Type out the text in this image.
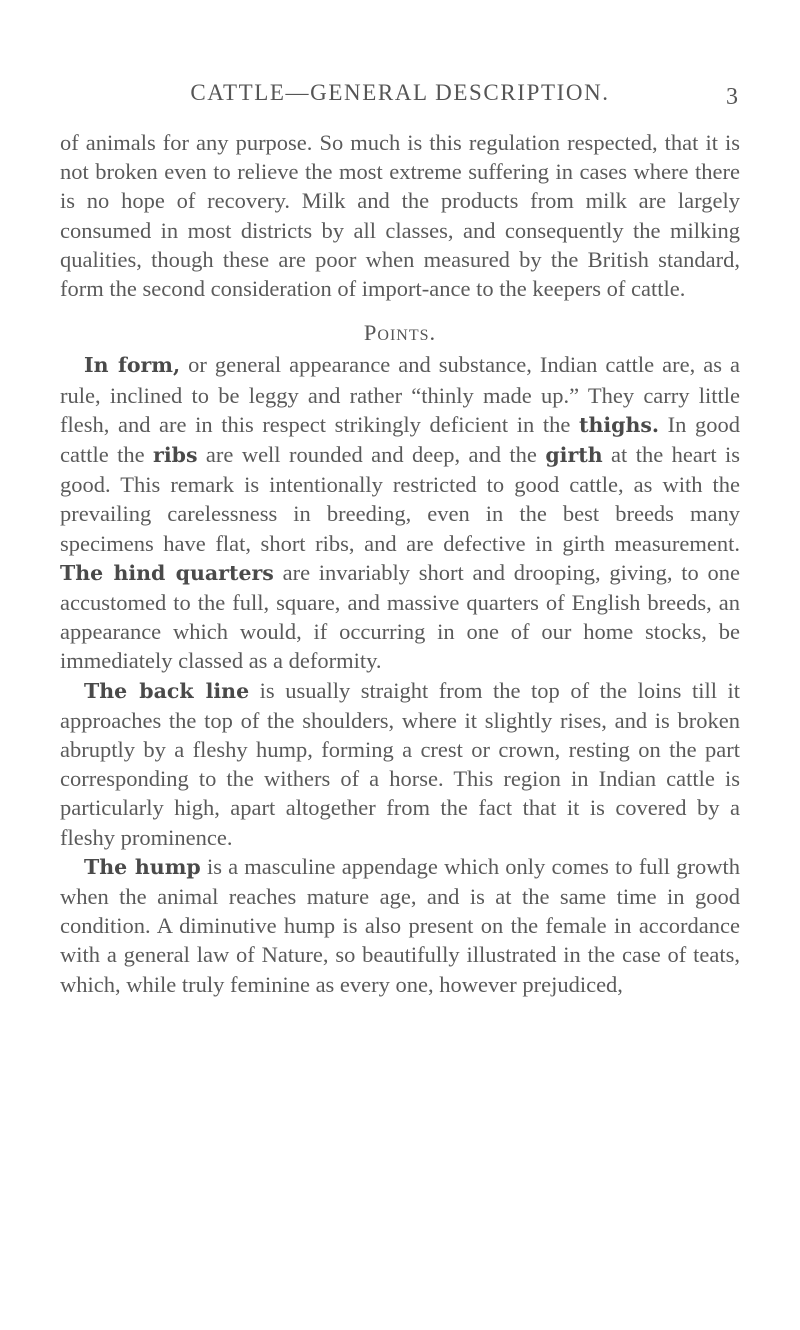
CATTLE—GENERAL DESCRIPTION.	3

of animals for any purpose. So much is this regulation respected, that it is not broken even to relieve the most extreme suffering in cases where there is no hope of recovery. Milk and the products from milk are largely consumed in most districts by all classes, and consequently the milking qualities, though these are poor when measured by the British standard, form the second consideration of import-ance to the keepers of cattle.

Points.

In form, or general appearance and substance, Indian cattle are, as a rule, inclined to be leggy and rather “thinly made up.” They carry little flesh, and are in this respect strikingly deficient in the thighs. In good cattle the ribs are well rounded and deep, and the girth at the heart is good. This remark is intentionally restricted to good cattle, as with the prevailing carelessness in breeding, even in the best breeds many specimens have flat, short ribs, and are defective in girth measurement. The hind quarters are invariably short and drooping, giving, to one accustomed to the full, square, and massive quarters of English breeds, an appearance which would, if occurring in one of our home stocks, be immediately classed as a deformity.

The back line is usually straight from the top of the loins till it approaches the top of the shoulders, where it slightly rises, and is broken abruptly by a fleshy hump, forming a crest or crown, resting on the part corresponding to the withers of a horse. This region in Indian cattle is particularly high, apart altogether from the fact that it is covered by a fleshy prominence.

The hump is a masculine appendage which only comes to full growth when the animal reaches mature age, and is at the same time in good condition. A diminutive hump is also present on the female in accordance with a general law of Nature, so beautifully illustrated in the case of teats, which, while truly feminine as every one, however prejudiced,
